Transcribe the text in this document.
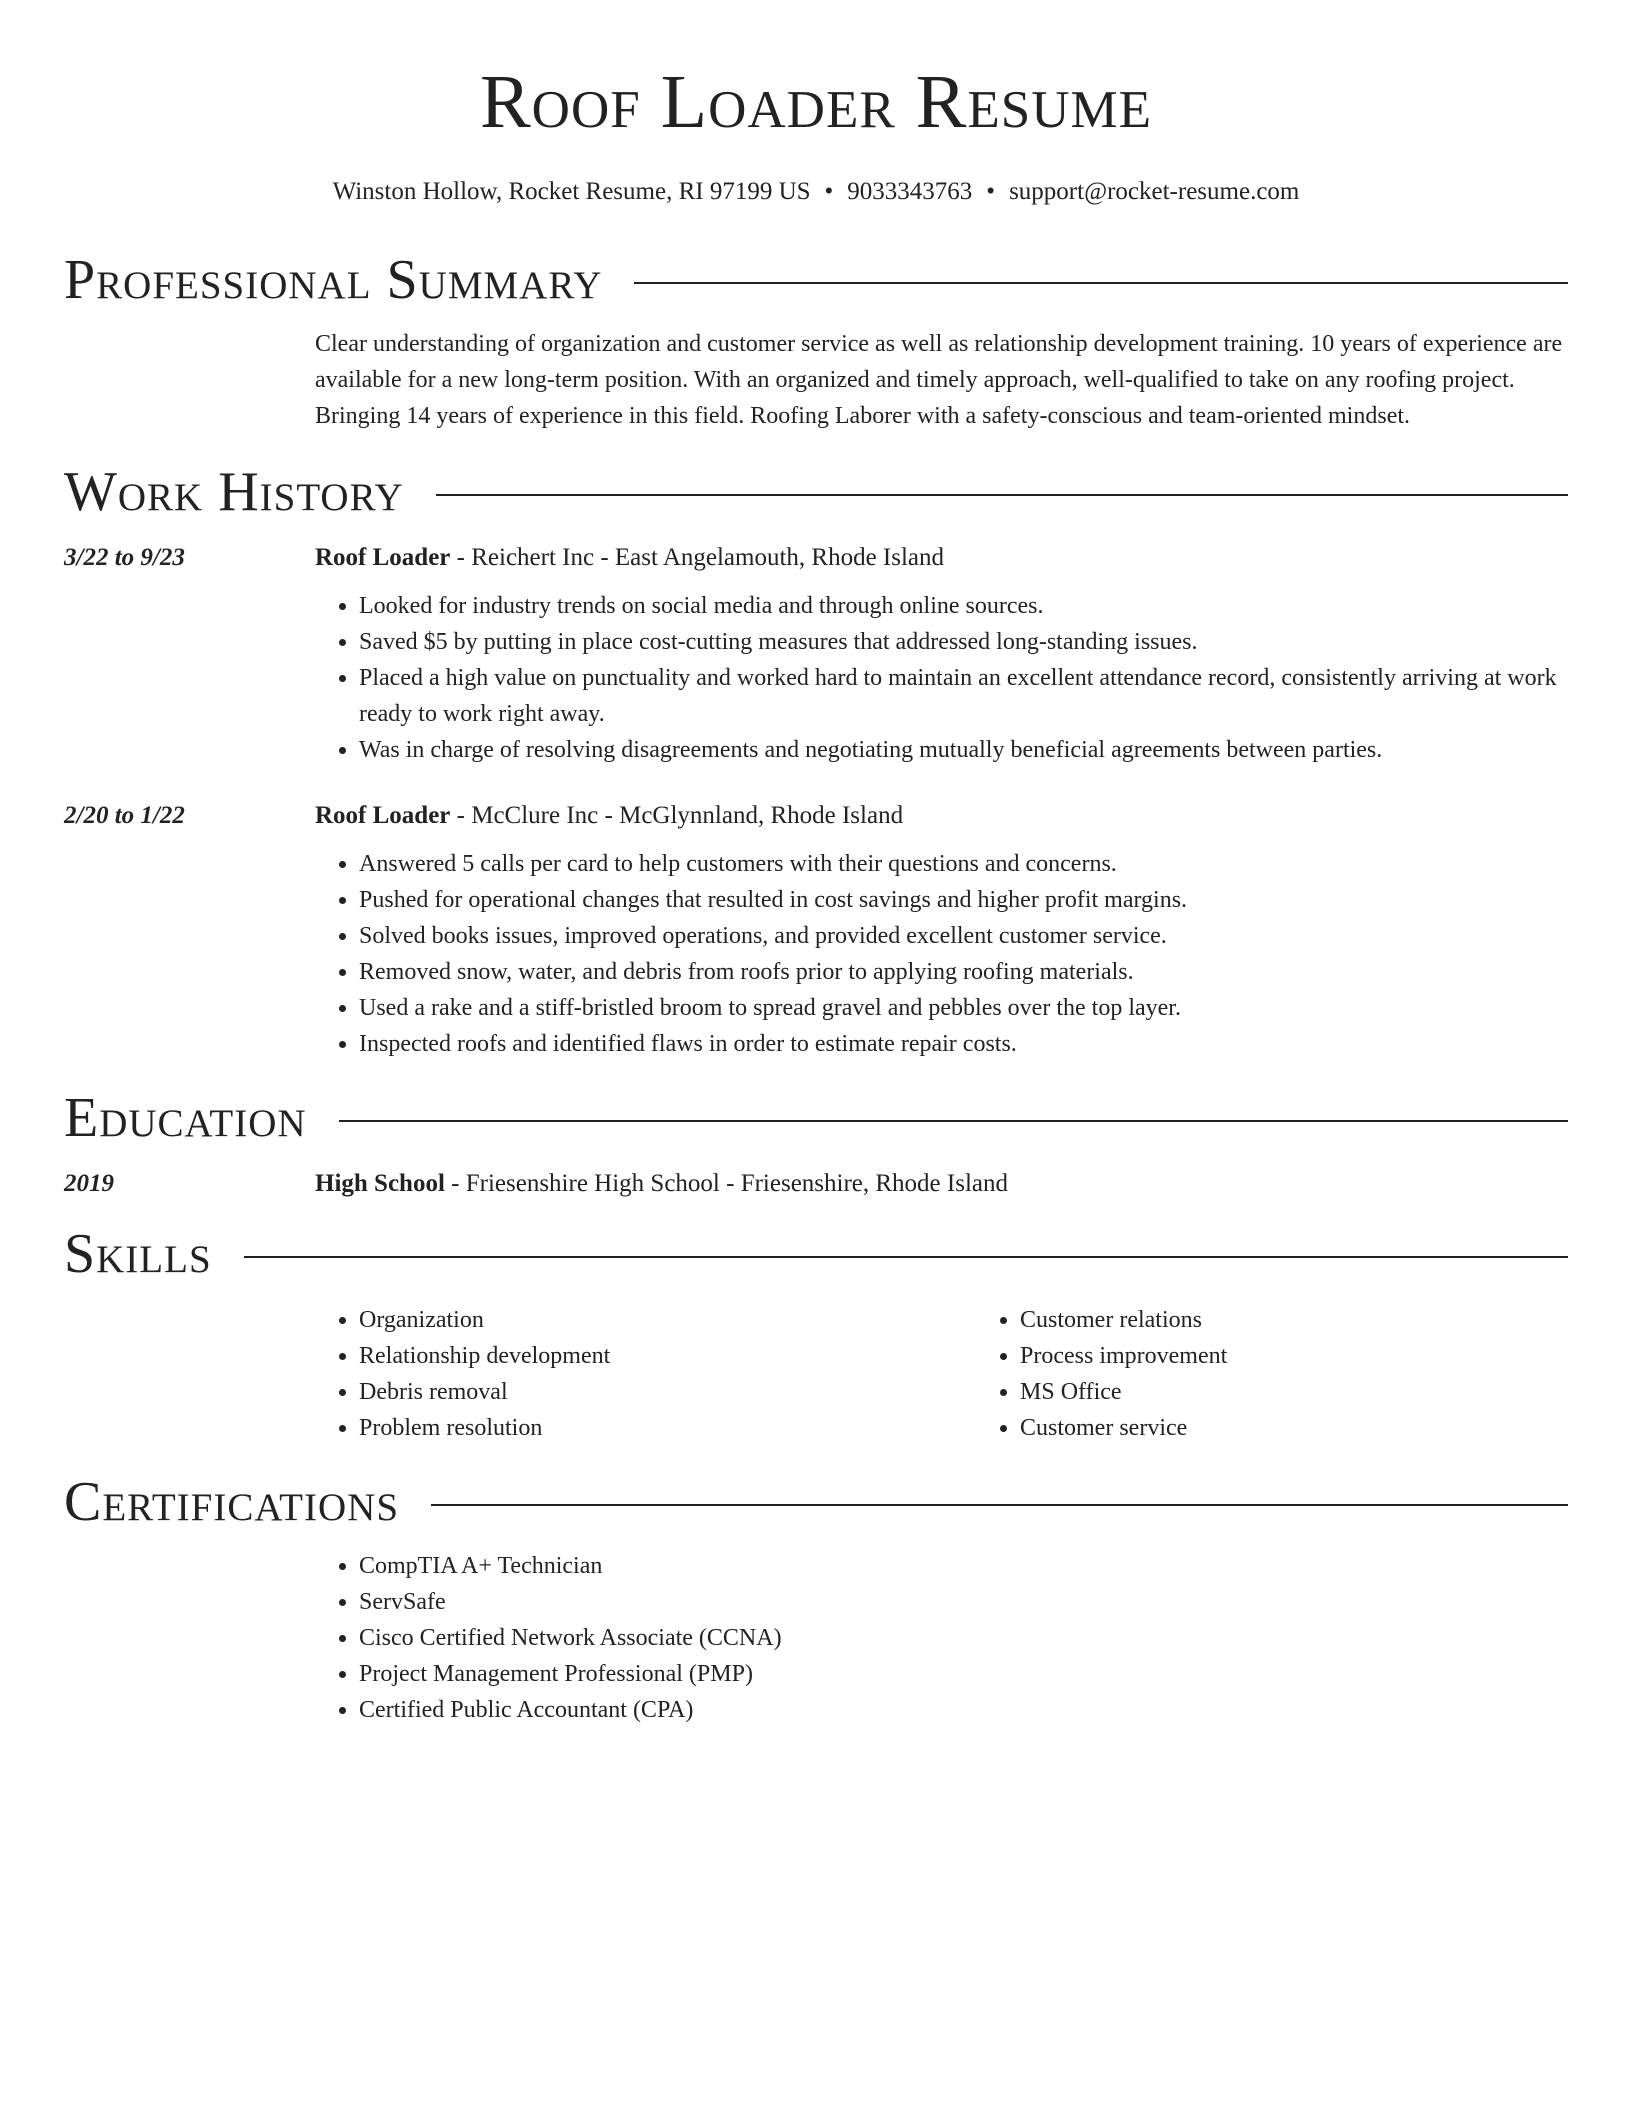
Roof Loader Resume
Winston Hollow, Rocket Resume, RI 97199 US • 9033343763 • support@rocket-resume.com
Professional Summary
Clear understanding of organization and customer service as well as relationship development training. 10 years of experience are available for a new long-term position. With an organized and timely approach, well-qualified to take on any roofing project. Bringing 14 years of experience in this field. Roofing Laborer with a safety-conscious and team-oriented mindset.
Work History
3/22 to 9/23	Roof Loader - Reichert Inc - East Angelamouth, Rhode Island
• Looked for industry trends on social media and through online sources.
• Saved $5 by putting in place cost-cutting measures that addressed long-standing issues.
• Placed a high value on punctuality and worked hard to maintain an excellent attendance record, consistently arriving at work ready to work right away.
• Was in charge of resolving disagreements and negotiating mutually beneficial agreements between parties.
2/20 to 1/22	Roof Loader - McClure Inc - McGlynnland, Rhode Island
• Answered 5 calls per card to help customers with their questions and concerns.
• Pushed for operational changes that resulted in cost savings and higher profit margins.
• Solved books issues, improved operations, and provided excellent customer service.
• Removed snow, water, and debris from roofs prior to applying roofing materials.
• Used a rake and a stiff-bristled broom to spread gravel and pebbles over the top layer.
• Inspected roofs and identified flaws in order to estimate repair costs.
Education
2019	High School - Friesenshire High School - Friesenshire, Rhode Island
Skills
• Organization
• Relationship development
• Debris removal
• Problem resolution
• Customer relations
• Process improvement
• MS Office
• Customer service
Certifications
• CompTIA A+ Technician
• ServSafe
• Cisco Certified Network Associate (CCNA)
• Project Management Professional (PMP)
• Certified Public Accountant (CPA)
